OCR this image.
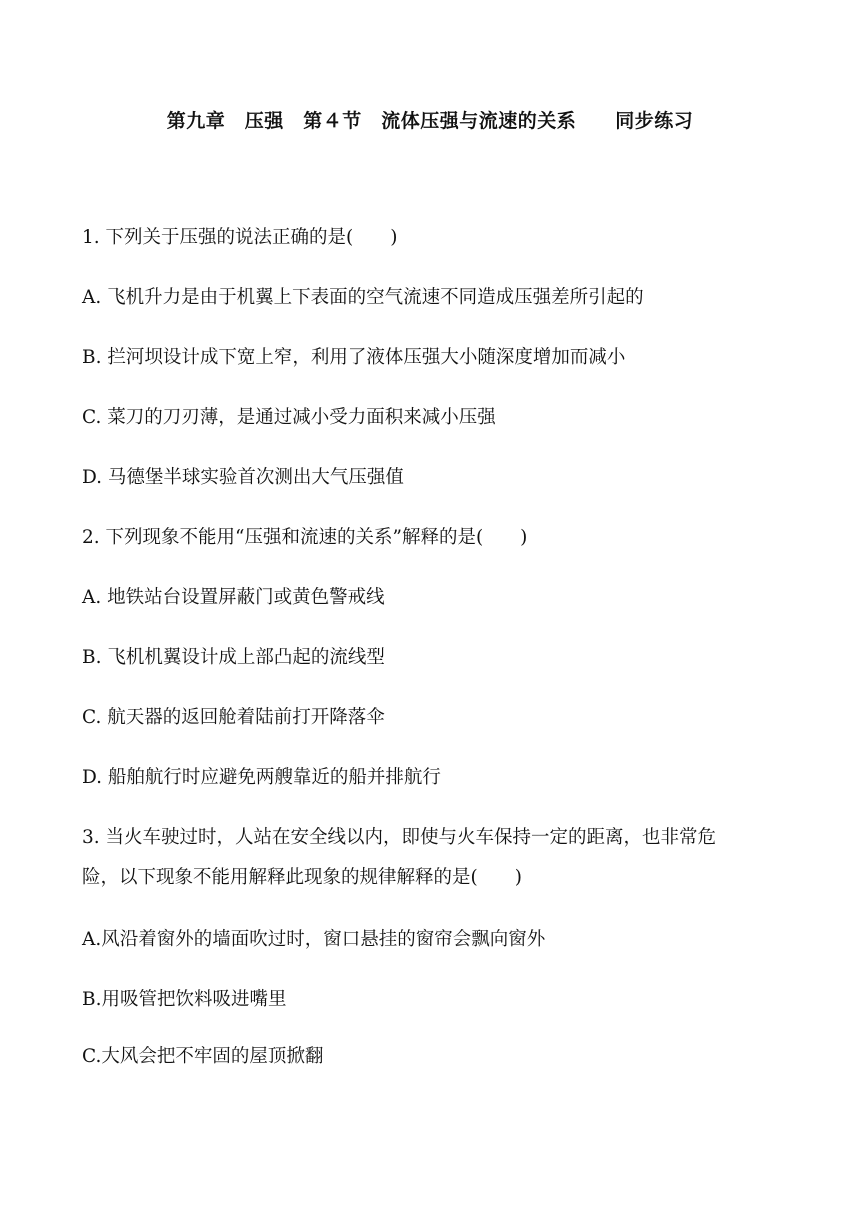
第九章　压强　第４节　流体压强与流速的关系　　同步练习
1. 下列关于压强的说法正确的是(　　)
A. 飞机升力是由于机翼上下表面的空气流速不同造成压强差所引起的
B. 拦河坝设计成下宽上窄，利用了液体压强大小随深度增加而减小
C. 菜刀的刀刃薄，是通过减小受力面积来减小压强
D. 马德堡半球实验首次测出大气压强值
2. 下列现象不能用“压强和流速的关系”解释的是(　　)
A. 地铁站台设置屏蔽门或黄色警戒线
B. 飞机机翼设计成上部凸起的流线型
C. 航天器的返回舱着陆前打开降落伞
D. 船舶航行时应避免两艘靠近的船并排航行
3. 当火车驶过时，人站在安全线以内，即使与火车保持一定的距离，也非常危
险，以下现象不能用解释此现象的规律解释的是(　　)
A.风沿着窗外的墙面吹过时，窗口悬挂的窗帘会飘向窗外
B.用吸管把饮料吸进嘴里
C.大风会把不牢固的屋顶掀翻
